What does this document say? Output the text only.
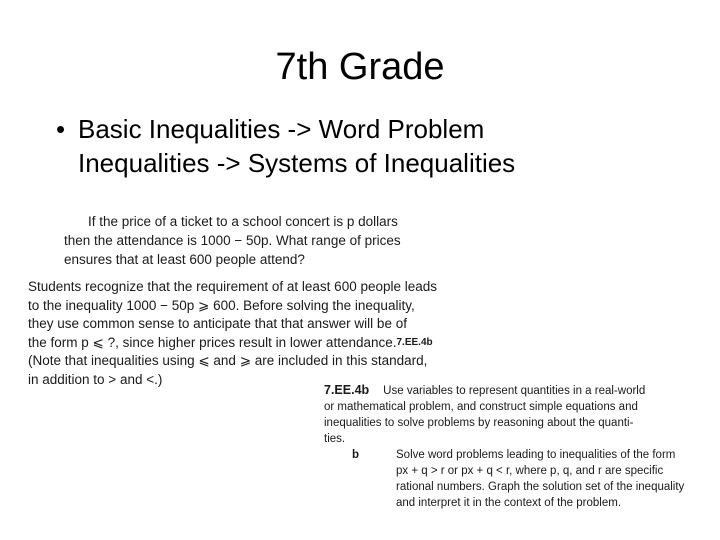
7th Grade
• Basic Inequalities -> Word Problem
Inequalities -> Systems of Inequalities
If the price of a ticket to a school concert is p dollars
then the attendance is 1000 − 50p. What range of prices
ensures that at least 600 people attend?
Students recognize that the requirement of at least 600 people leads
to the inequality 1000 − 50p ⩾ 600. Before solving the inequality,
they use common sense to anticipate that that answer will be of
the form p ⩽ ?, since higher prices result in lower attendance.7.EE.4b
(Note that inequalities using ⩽ and ⩾ are included in this standard,
in addition to > and <.)
7.EE.4b Use variables to represent quantities in a real-world
or mathematical problem, and construct simple equations and
inequalities to solve problems by reasoning about the quanti-
ties.
b	Solve word problems leading to inequalities of the form
px + q > r or px + q < r, where p, q, and r are specific
rational numbers. Graph the solution set of the inequality
and interpret it in the context of the problem.
